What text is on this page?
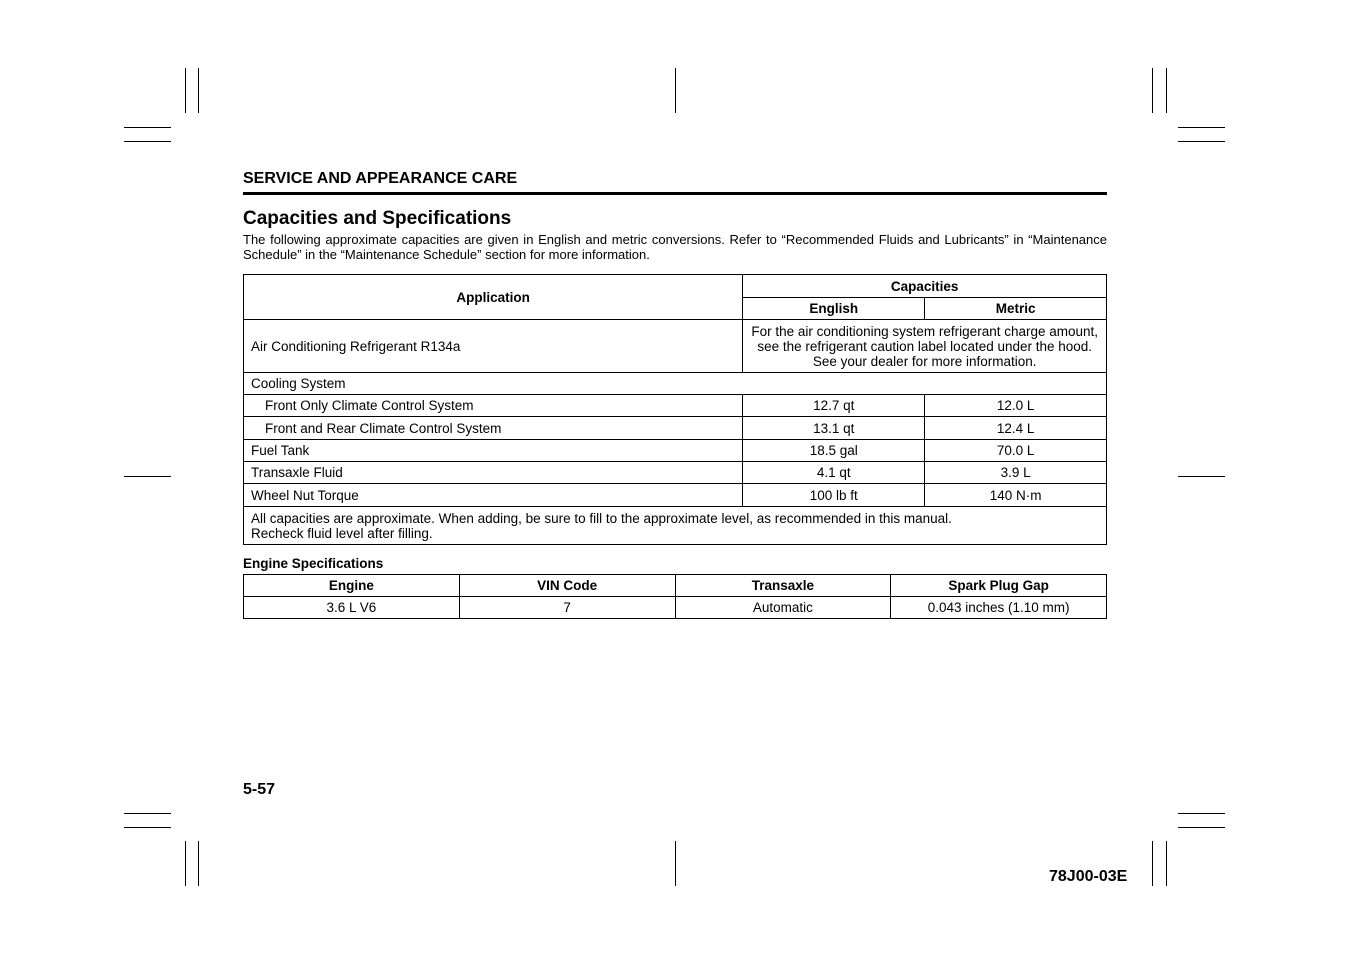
SERVICE AND APPEARANCE CARE
Capacities and Specifications
The following approximate capacities are given in English and metric conversions. Refer to “Recommended Fluids and Lubricants” in “Maintenance Schedule” in the “Maintenance Schedule” section for more information.
Application	Capacities	
	English	Metric
Air Conditioning Refrigerant R134a	For the air conditioning system refrigerant charge amount, see the refrigerant caution label located under the hood. See your dealer for more information.	
Cooling System		
Front Only Climate Control System	12.7 qt	12.0 L
Front and Rear Climate Control System	13.1 qt	12.4 L
Fuel Tank	18.5 gal	70.0 L
Transaxle Fluid	4.1 qt	3.9 L
Wheel Nut Torque	100 lb ft	140 N·m

All capacities are approximate. When adding, be sure to fill to the approximate level, as recommended in this manual.
Recheck fluid level after filling.		
Engine Specifications
Engine	VIN Code	Transaxle	Spark Plug Gap
3.6 L V6	7	Automatic	0.043 inches (1.10 mm)
5-57
78J00-03E
